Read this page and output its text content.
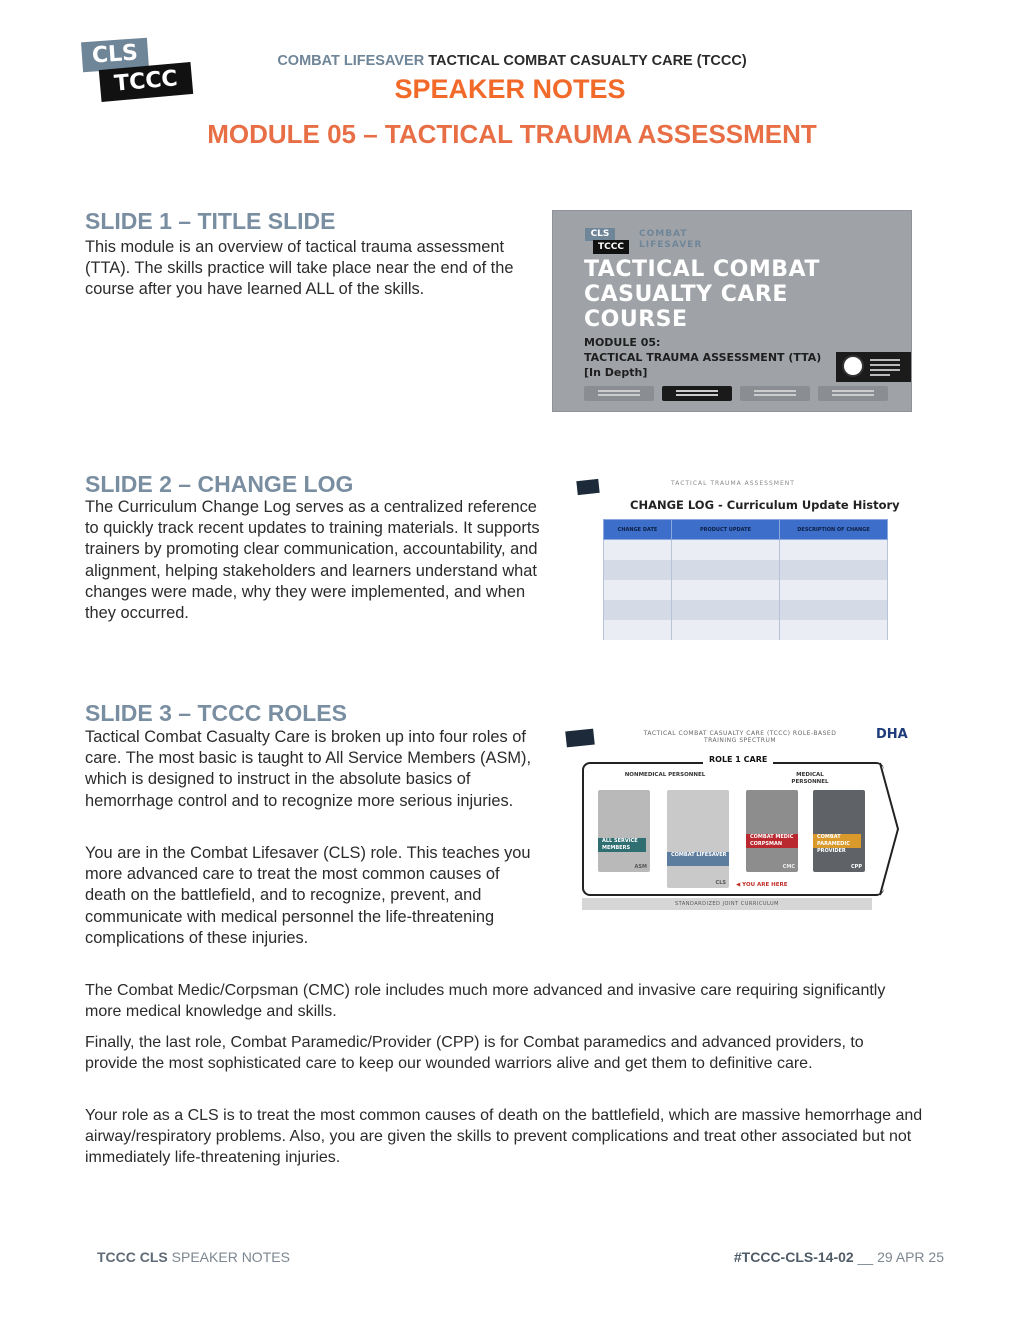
CLS
TCCC
COMBAT LIFESAVER TACTICAL COMBAT CASUALTY CARE (TCCC)
SPEAKER NOTES
MODULE 05 – TACTICAL TRAUMA ASSESSMENT
SLIDE 1 – TITLE SLIDE

This module is an overview of tactical trauma assessment (TTA). The skills practice will take place near the end of the course after you have learned ALL of the skills.

CLS
TCCC
COMBAT LIFESAVER
TACTICAL COMBAT
CASUALTY CARE
COURSE
MODULE 05:
TACTICAL TRAUMA ASSESSMENT (TTA)
[In Depth]
SLIDE 2 – CHANGE LOG

The Curriculum Change Log serves as a centralized reference to quickly track recent updates to training materials. It supports trainers by promoting clear communication, accountability, and alignment, helping stakeholders and learners understand what changes were made, why they were implemented, and when they occurred.

TACTICAL TRAUMA ASSESSMENT
CHANGE LOG - Curriculum Update History
CHANGE DATE	PRODUCT UPDATE	DESCRIPTION OF CHANGE

SLIDE 3 – TCCC ROLES

Tactical Combat Casualty Care is broken up into four roles of care. The most basic is taught to All Service Members (ASM), which is designed to instruct in the absolute basics of hemorrhage control and to recognize more serious injuries.

You are in the Combat Lifesaver (CLS) role. This teaches you more advanced care to treat the most common causes of death on the battlefield, and to recognize, prevent, and communicate with medical personnel the life-threatening complications of these injuries.

The Combat Medic/Corpsman (CMC) role includes much more advanced and invasive care requiring significantly more medical knowledge and skills.

Finally, the last role, Combat Paramedic/Provider (CPP) is for Combat paramedics and advanced providers, to provide the most sophisticated care to keep our wounded warriors alive and get them to definitive care.

Your role as a CLS is to treat the most common causes of death on the battlefield, which are massive hemorrhage and airway/respiratory problems. Also, you are given the skills to prevent complications and treat other associated but not immediately life-threatening injuries.

TACTICAL COMBAT CASUALTY CARE (TCCC) ROLE-BASED TRAINING SPECTRUM	DHA
ROLE 1 CARE
NONMEDICAL PERSONNEL	MEDICAL PERSONNEL
ALL SERVICE MEMBERS
ASM
COMBAT LIFESAVER
CLS
COMBAT MEDIC CORPSMAN
CMC
COMBAT PARAMEDIC PROVIDER
CPP
◀ YOU ARE HERE
STANDARDIZED JOINT CURRICULUM
TCCC CLS SPEAKER NOTES	#TCCC-CLS-14-02 __ 29 APR 25
